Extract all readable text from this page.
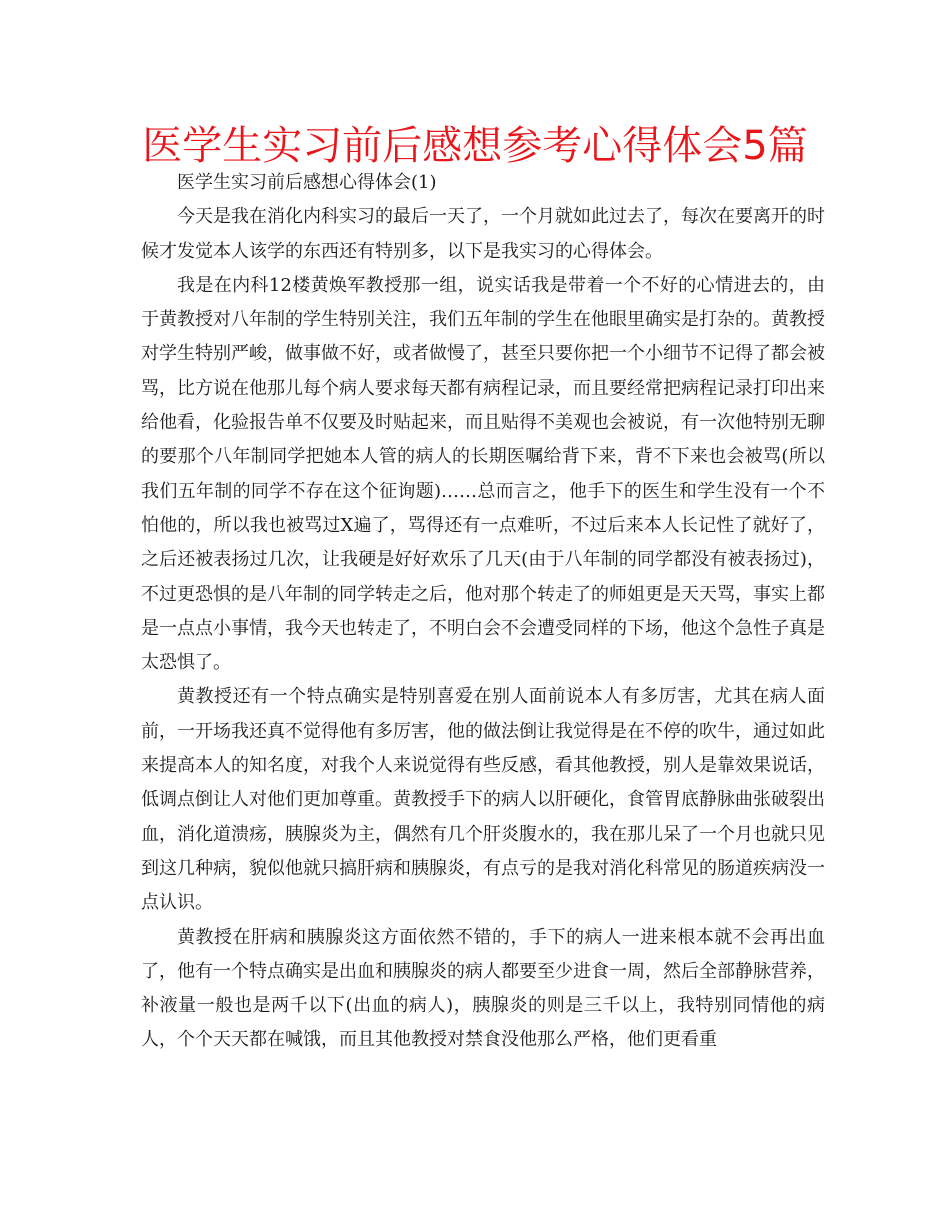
医学生实习前后感想参考心得体会5篇

医学生实习前后感想心得体会(1)

今天是我在消化内科实习的最后一天了，一个月就如此过去了，每次在要离开的时候才发觉本人该学的东西还有特别多，以下是我实习的心得体会。

我是在内科12楼黄焕军教授那一组，说实话我是带着一个不好的心情进去的，由于黄教授对八年制的学生特别关注，我们五年制的学生在他眼里确实是打杂的。黄教授对学生特别严峻，做事做不好，或者做慢了，甚至只要你把一个小细节不记得了都会被骂，比方说在他那儿每个病人要求每天都有病程记录，而且要经常把病程记录打印出来给他看，化验报告单不仅要及时贴起来，而且贴得不美观也会被说，有一次他特别无聊的要那个八年制同学把她本人管的病人的长期医嘱给背下来，背不下来也会被骂(所以我们五年制的同学不存在这个征询题)……总而言之，他手下的医生和学生没有一个不怕他的，所以我也被骂过X遍了，骂得还有一点难听，不过后来本人长记性了就好了，之后还被表扬过几次，让我硬是好好欢乐了几天(由于八年制的同学都没有被表扬过)，不过更恐惧的是八年制的同学转走之后，他对那个转走了的师姐更是天天骂，事实上都是一点点小事情，我今天也转走了，不明白会不会遭受同样的下场，他这个急性子真是太恐惧了。

黄教授还有一个特点确实是特别喜爱在别人面前说本人有多厉害，尤其在病人面前，一开场我还真不觉得他有多厉害，他的做法倒让我觉得是在不停的吹牛，通过如此来提高本人的知名度，对我个人来说觉得有些反感，看其他教授，别人是靠效果说话，低调点倒让人对他们更加尊重。黄教授手下的病人以肝硬化，食管胃底静脉曲张破裂出血，消化道溃疡，胰腺炎为主，偶然有几个肝炎腹水的，我在那儿呆了一个月也就只见到这几种病，貌似他就只搞肝病和胰腺炎，有点亏的是我对消化科常见的肠道疾病没一点认识。

黄教授在肝病和胰腺炎这方面依然不错的，手下的病人一进来根本就不会再出血了，他有一个特点确实是出血和胰腺炎的病人都要至少进食一周，然后全部静脉营养，补液量一般也是两千以下(出血的病人)，胰腺炎的则是三千以上，我特别同情他的病人，个个天天都在喊饿，而且其他教授对禁食没他那么严格，他们更看重
